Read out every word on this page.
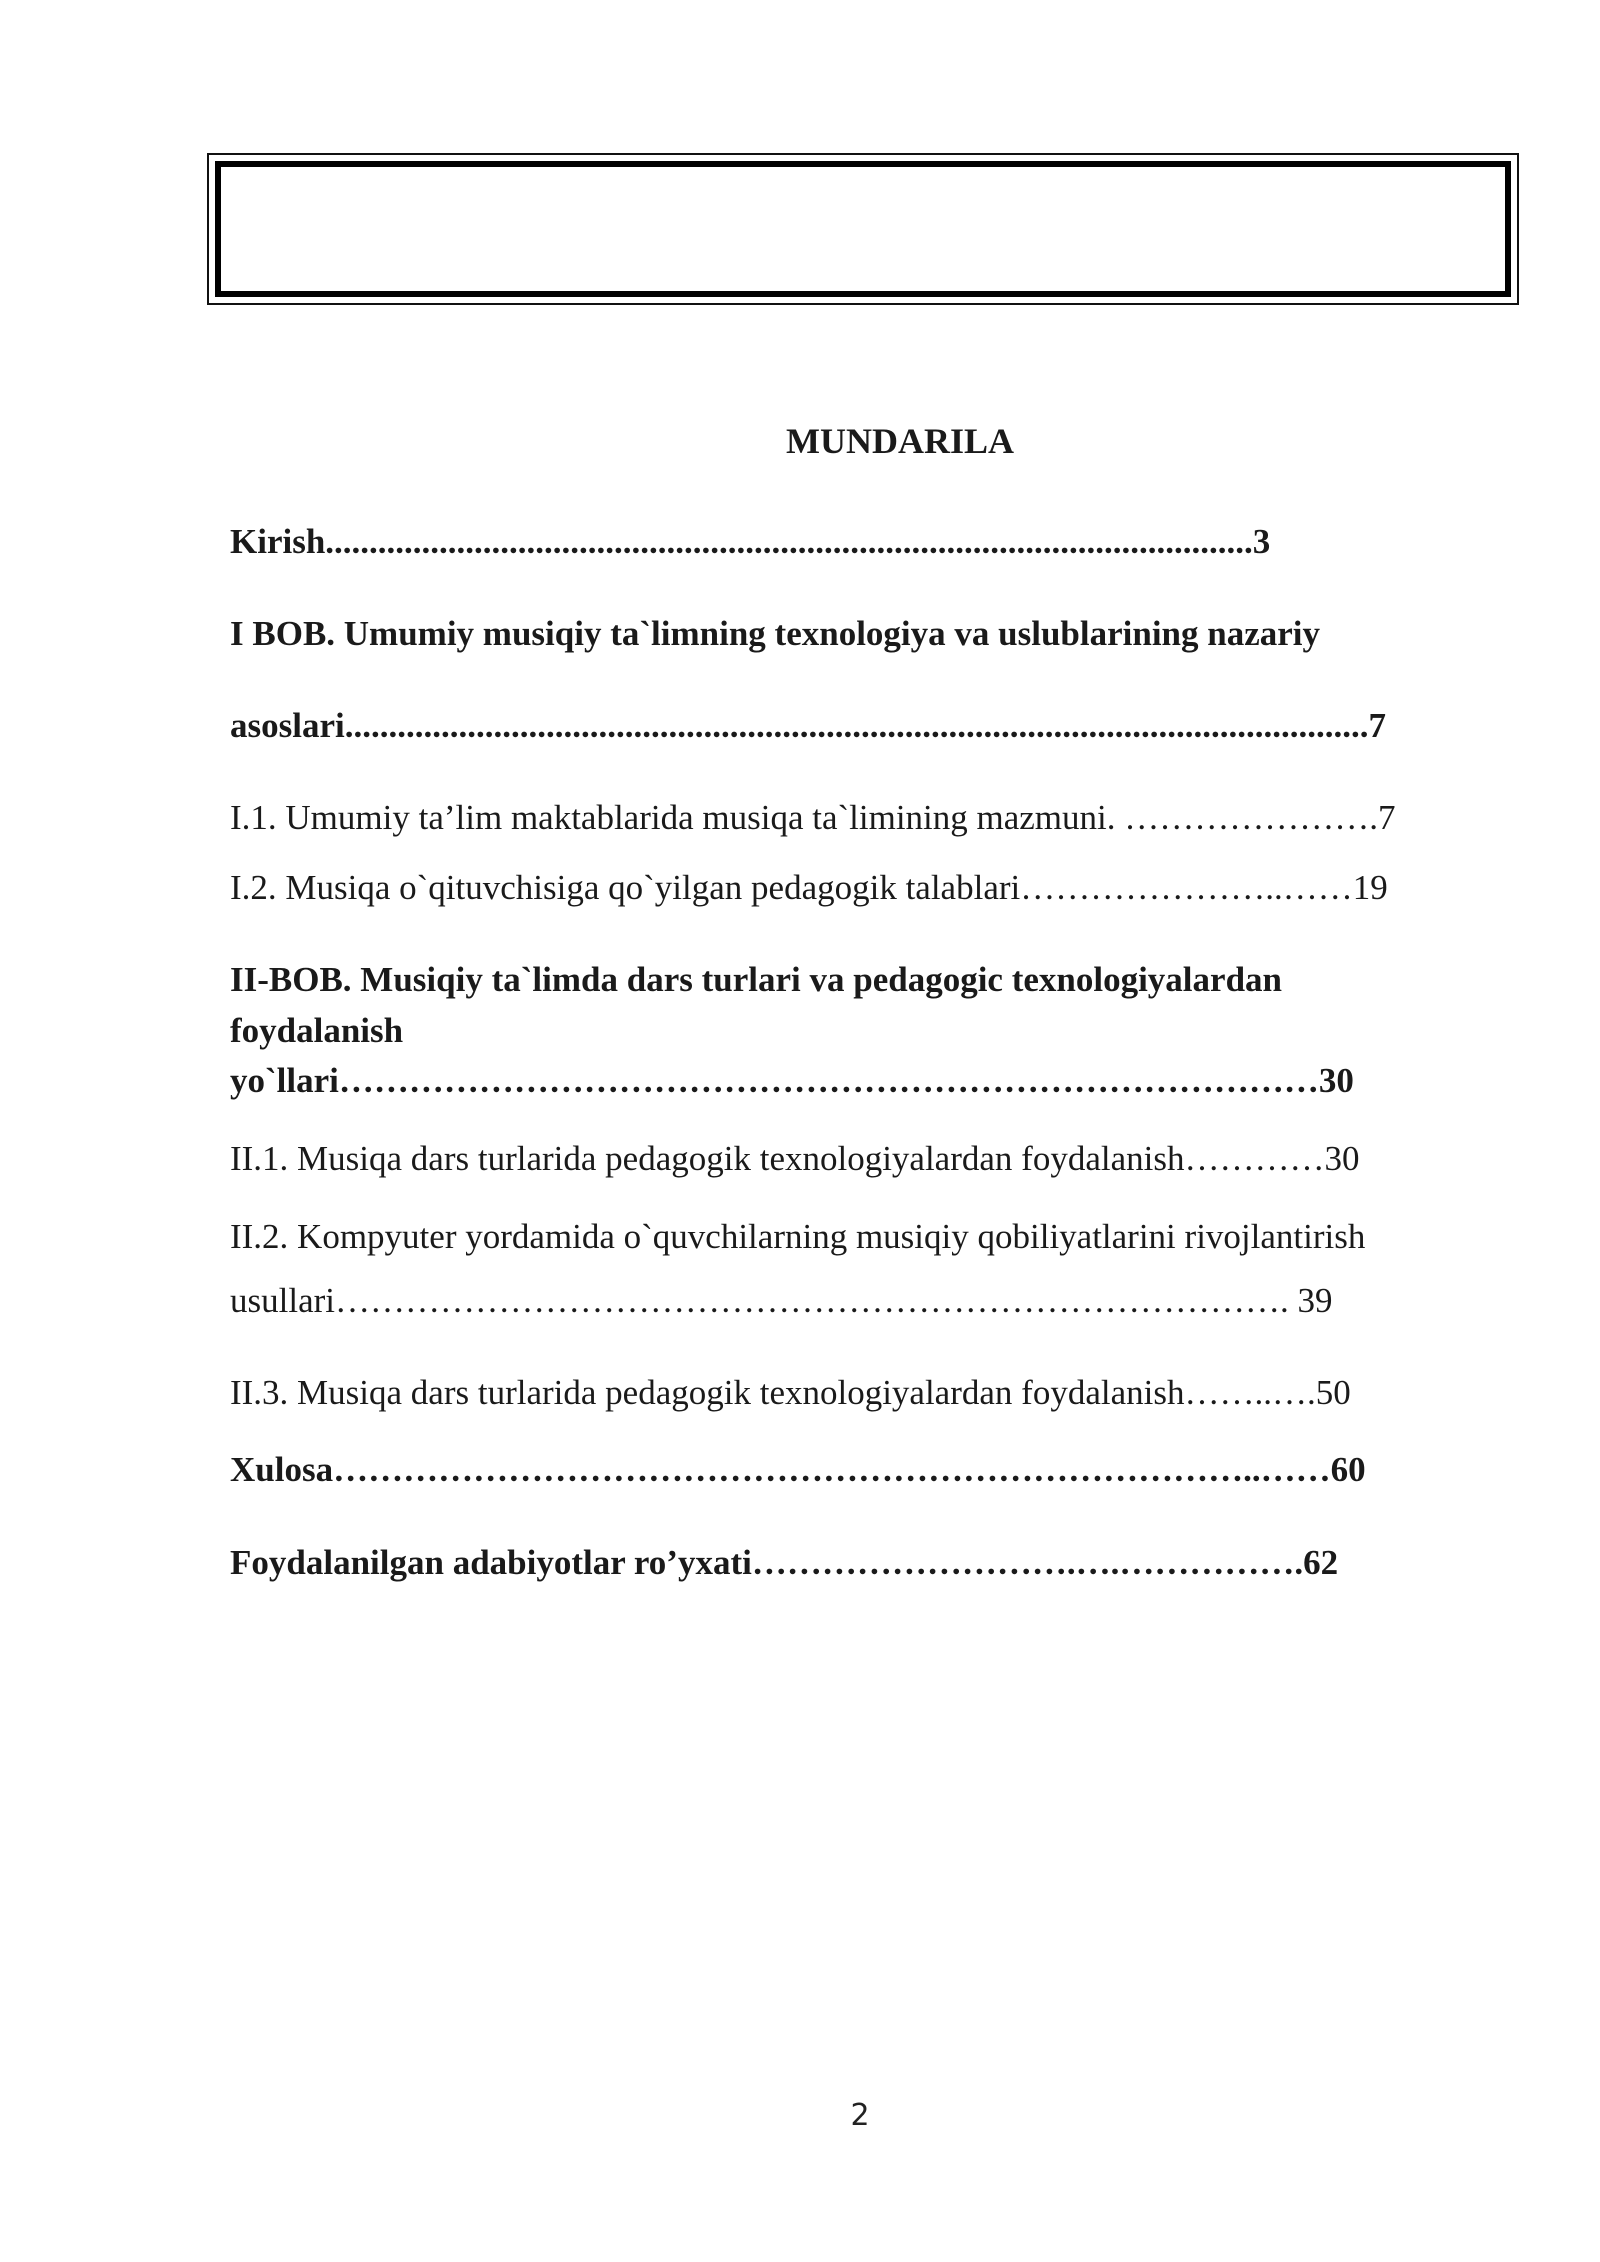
MUNDARILA
Kirish..........................................................................................................3
I BOB. Umumiy musiqiy ta`limning texnologiya va uslublarining nazariy
asoslari.....................................................................................................................7
I.1. Umumiy ta’lim maktablarida musiqa ta`limining mazmuni. ………………….7
I.2. Musiqa o`qituvchisiga qo`yilgan pedagogik talablari…………………..……19
II-BOB. Musiqiy ta`limda dars turlari va pedagogic texnologiyalardan
foydalanish
yo`llari…………………………………………………………………………30
II.1. Musiqa dars turlarida pedagogik texnologiyalardan foydalanish…………30
II.2. Kompyuter yordamida o`quvchilarning musiqiy qobiliyatlarini rivojlantirish
usullari………………………………………………………………………. 39
II.3. Musiqa dars turlarida pedagogik texnologiyalardan foydalanish……..….50
Xulosa……………………………………………………………………..……60
Foydalanilgan adabiyotlar ro’yxati……………………….….…………….62
2
